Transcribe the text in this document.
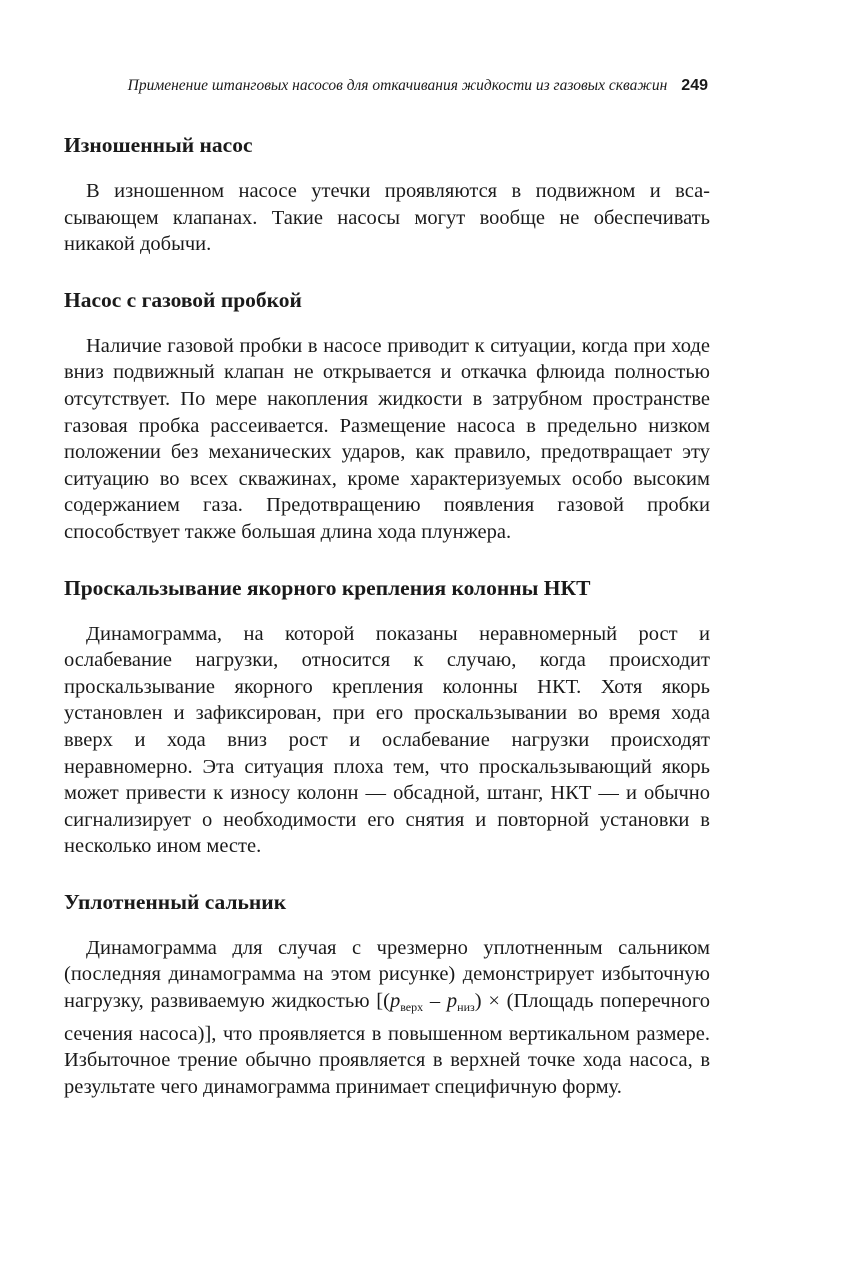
Применение штанговых насосов для откачивания жидкости из газовых скважин 249
Изношенный насос

В изношенном насосе утечки проявляются в подвижном и всасывающем клапанах. Такие насосы могут вообще не обеспечивать никакой добычи.

Насос с газовой пробкой

Наличие газовой пробки в насосе приводит к ситуации, когда при ходе вниз подвижный клапан не открывается и откачка флюида полностью отсутствует. По мере накопления жидкости в затрубном пространстве газовая пробка рассеивается. Размещение насоса в предельно низком положении без механических ударов, как правило, предотвращает эту ситуацию во всех скважинах, кроме характеризуемых особо высоким содержанием газа. Предотвращению появления газовой пробки способствует также большая длина хода плунжера.

Проскальзывание якорного крепления колонны НКТ

Динамограмма, на которой показаны неравномерный рост и ослабевание нагрузки, относится к случаю, когда происходит проскальзывание якорного крепления колонны НКТ. Хотя якорь установлен и зафиксирован, при его проскальзывании во время хода вверх и хода вниз рост и ослабевание нагрузки происходят неравномерно. Эта ситуация плоха тем, что проскальзывающий якорь может привести к износу колонн — обсадной, штанг, НКТ — и обычно сигнализирует о необходимости его снятия и повторной установки в несколько ином месте.

Уплотненный сальник

Динамограмма для случая с чрезмерно уплотненным сальником (последняя динамограмма на этом рисунке) демонстрирует избыточную нагрузку, развиваемую жидкостью [$(p_{верх} - p_{низ})$ × (Площадь поперечного сечения насоса)], что проявляется в повышенном вертикальном размере. Избыточное трение обычно проявляется в верхней точке хода насоса, в результате чего динамограмма принимает специфичную форму.
